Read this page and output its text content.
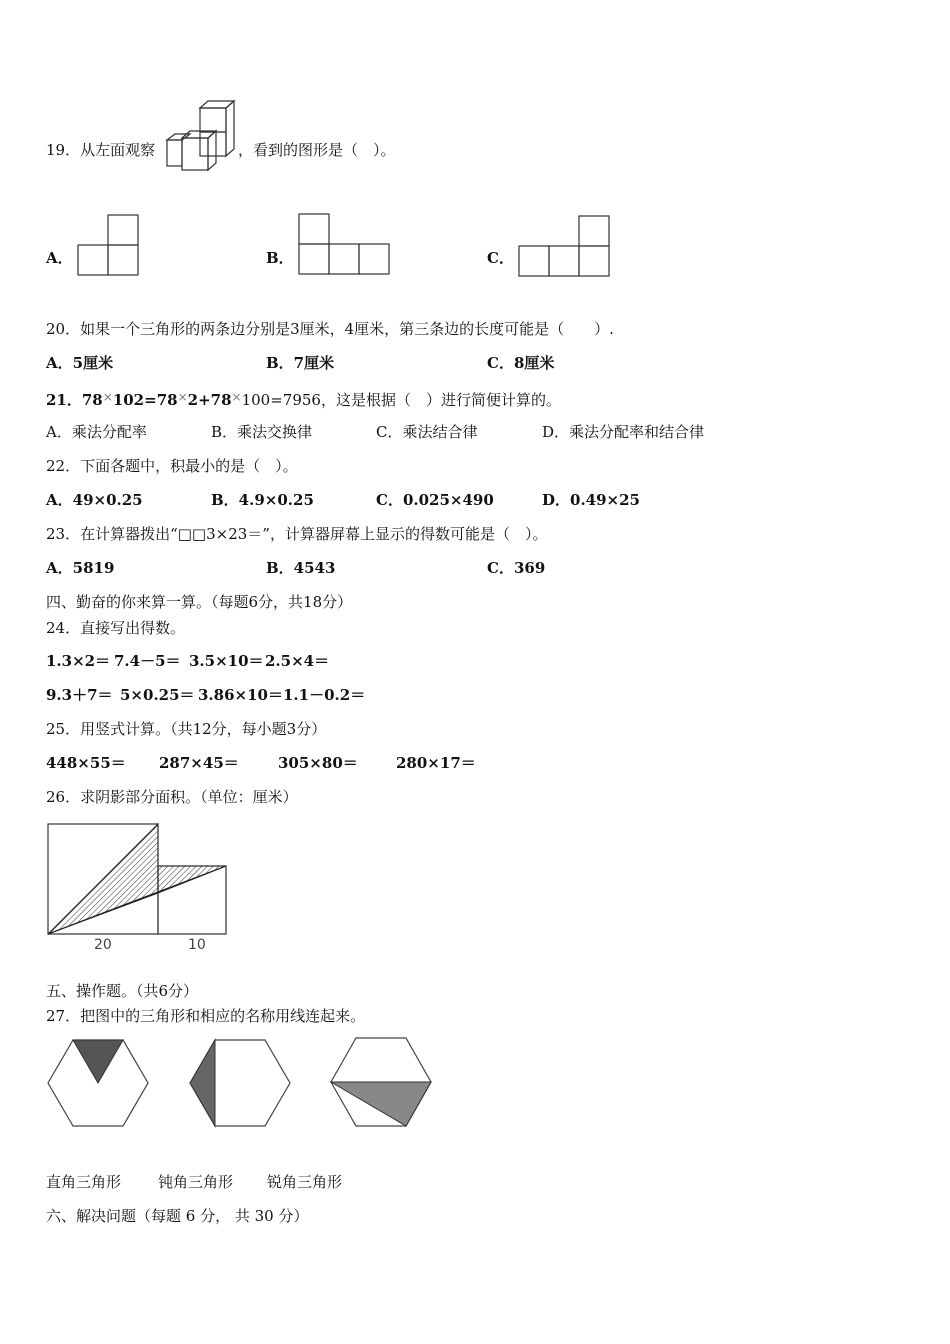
19．从左面观察	，看到的图形是（　）。
A．	B．	C．
20．如果一个三角形的两条边分别是3厘米，4厘米，第三条边的长度可能是（　　）.
A．5厘米	B．7厘米	C．8厘米
21．78×102=78×2+78×100=7956，这是根据（　）进行简便计算的。
A．乘法分配率	B．乘法交换律	C．乘法结合律	D．乘法分配率和结合律
22．下面各题中，积最小的是（　）。
A．49×0.25	B．4.9×0.25	C．0.025×490	D．0.49×25
23．在计算器拨出“□□3×23＝”，计算器屏幕上显示的得数可能是（　）。
A．5819	B．4543	C．369
四、勤奋的你来算一算。（每题6分，共18分）
24．直接写出得数。
1.3×2＝ 7.4－5＝ 3.5×10＝ 2.5×4＝
9.3＋7＝ 5×0.25＝ 3.86×10＝ 1.1－0.2＝
25．用竖式计算。（共12分，每小题3分）
448×55＝ 287×45＝	305×80＝	280×17＝
26．求阴影部分面积。（单位：厘米）
20	10
五、操作题。（共6分）
27．把图中的三角形和相应的名称用线连起来。
直角三角形 钝角三角形 锐角三角形
六、解决问题（每题 6 分， 共 30 分）
